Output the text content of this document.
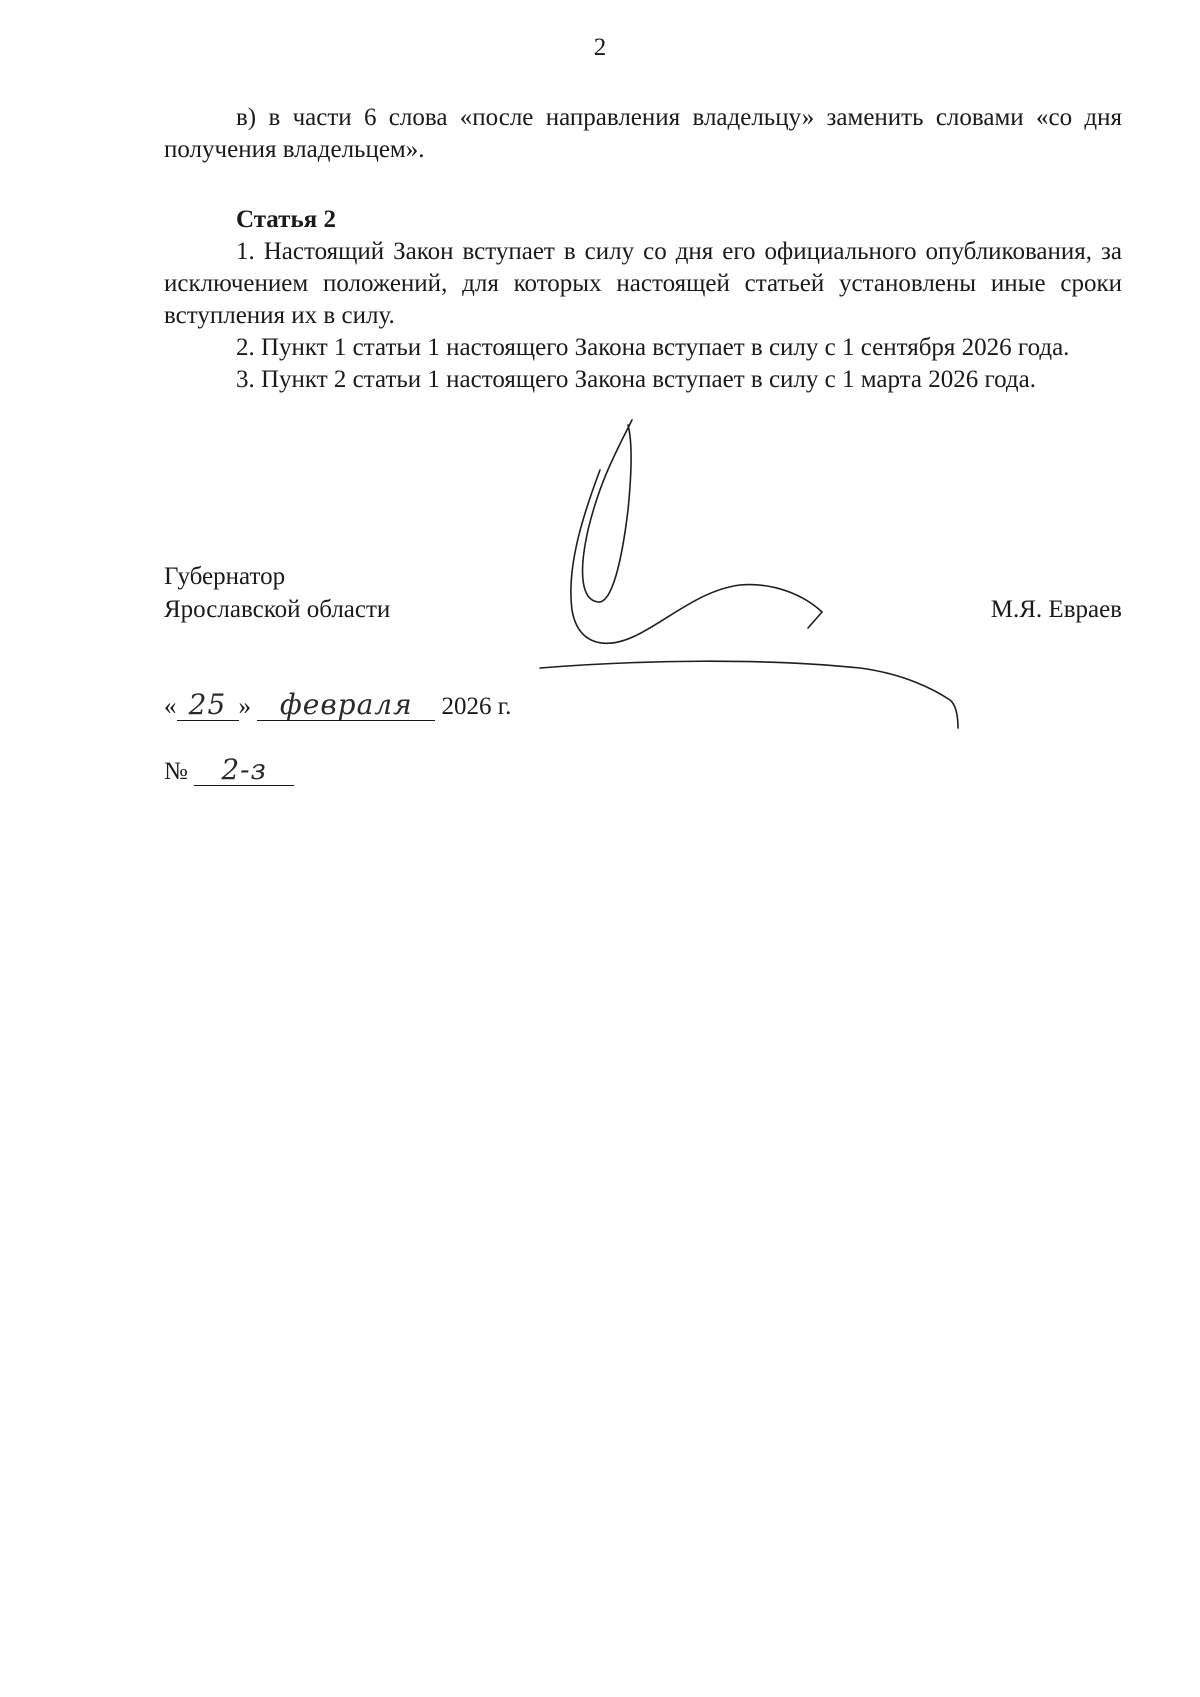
2

в) в части 6 слова «после направления владельцу» заменить словами «со дня получения владельцем».

Статья 2

1. Настоящий Закон вступает в силу со дня его официального опубликования, за исключением положений, для которых настоящей статьей установлены иные сроки вступления их в силу.

2. Пункт 1 статьи 1 настоящего Закона вступает в силу с 1 сентября 2026 года.

3. Пункт 2 статьи 1 настоящего Закона вступает в силу с 1 марта 2026 года.

Губернатор
Ярославской области	М.Я. Евраев
« 25 » февраля 2026 г.
№ 2-з
